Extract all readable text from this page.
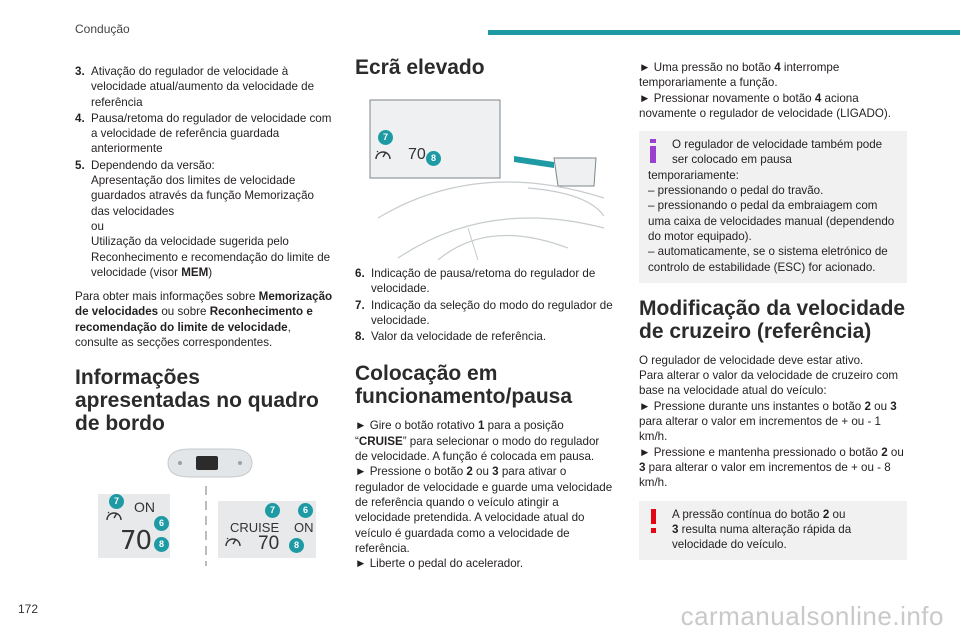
Condução
3. Ativação do regulador de velocidade à velocidade atual/aumento da velocidade de referência
4. Pausa/retoma do regulador de velocidade com a velocidade de referência guardada anteriormente
5. Dependendo da versão:
Apresentação dos limites de velocidade guardados através da função Memorização das velocidades
ou
Utilização da velocidade sugerida pelo Reconhecimento e recomendação do limite de velocidade (visor MEM)

Para obter mais informações sobre Memorização de velocidades ou sobre Reconhecimento e recomendação do limite de velocidade, consulte as secções correspondentes.

Informações apresentadas no quadro de bordo
ON
70
7
6
8
CRUISE ON
70
7	6
8
Ecrã elevado
70
7
8
6. Indicação de pausa/retoma do regulador de velocidade.
7. Indicação da seleção do modo do regulador de velocidade.
8. Valor da velocidade de referência.
Colocação em funcionamento/pausa

► Gire o botão rotativo 1 para a posição “CRUISE” para selecionar o modo do regulador de velocidade. A função é colocada em pausa.

► Pressione o botão 2 ou 3 para ativar o regulador de velocidade e guarde uma velocidade de referência quando o veículo atingir a velocidade pretendida. A velocidade atual do veículo é guardada como a velocidade de referência.

► Liberte o pedal do acelerador.

► Uma pressão no botão 4 interrompe temporariamente a função.

► Pressionar novamente o botão 4 aciona novamente o regulador de velocidade (LIGADO).

O regulador de velocidade também pode ser colocado em pausa
temporariamente:
– pressionando o pedal do travão.
– pressionando o pedal da embraiagem com uma caixa de velocidades manual (dependendo do motor equipado).
– automaticamente, se o sistema eletrónico de controlo de estabilidade (ESC) for acionado.
Modificação da velocidade de cruzeiro (referência)

O regulador de velocidade deve estar ativo.

Para alterar o valor da velocidade de cruzeiro com base na velocidade atual do veículo:

► Pressione durante uns instantes o botão 2 ou 3 para alterar o valor em incrementos de + ou - 1 km/h.

► Pressione e mantenha pressionado o botão 2 ou 3 para alterar o valor em incrementos de + ou - 8 km/h.

A pressão contínua do botão 2 ou
3 resulta numa alteração rápida da velocidade do veículo.
172	carmanualsonline.info
